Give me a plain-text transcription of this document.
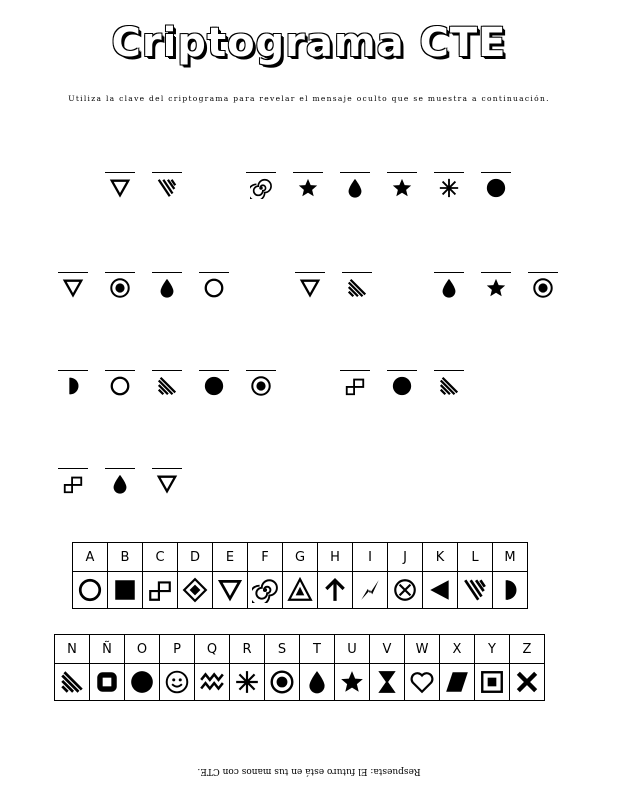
Criptograma CTE
Utiliza la clave del criptograma para revelar el mensaje oculto que se muestra a continuación.
A	B	C	D	E	F	G	H	I	J	K	L	M

N	Ñ	O	P	Q	R	S	T	U	V	W	X	Y	Z

Respuesta: El futuro está en tus manos con CTE.
